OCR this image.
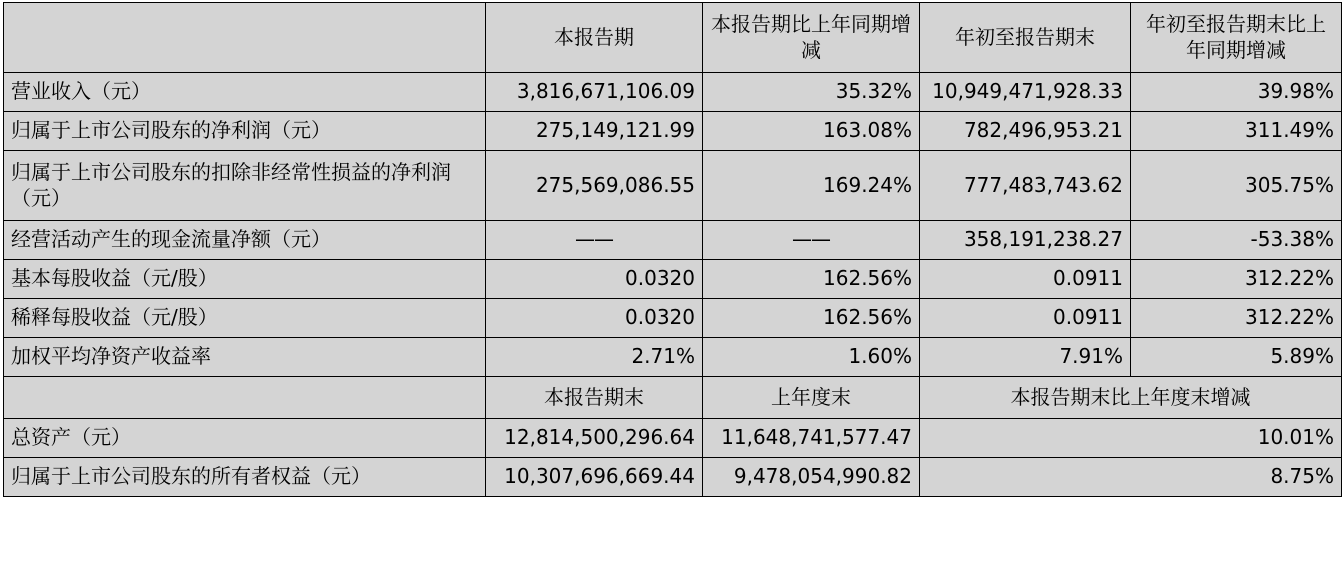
	本报告期	本报告期比上年同期增减	年初至报告期末	年初至报告期末比上年同期增减
营业收入（元）	3,816,671,106.09	35.32%	10,949,471,928.33	39.98%
归属于上市公司股东的净利润（元）	275,149,121.99	163.08%	782,496,953.21	311.49%
归属于上市公司股东的扣除非经常性损益的净利润（元）	275,569,086.55	169.24%	777,483,743.62	305.75%
经营活动产生的现金流量净额（元）	——	——	358,191,238.27	-53.38%
基本每股收益（元/股）	0.0320	162.56%	0.0911	312.22%
稀释每股收益（元/股）	0.0320	162.56%	0.0911	312.22%
加权平均净资产收益率	2.71%	1.60%	7.91%	5.89%
	本报告期末	上年度末	本报告期末比上年度末增减	
总资产（元）	12,814,500,296.64	11,648,741,577.47	10.01%	
归属于上市公司股东的所有者权益（元）	10,307,696,669.44	9,478,054,990.82	8.75%	
